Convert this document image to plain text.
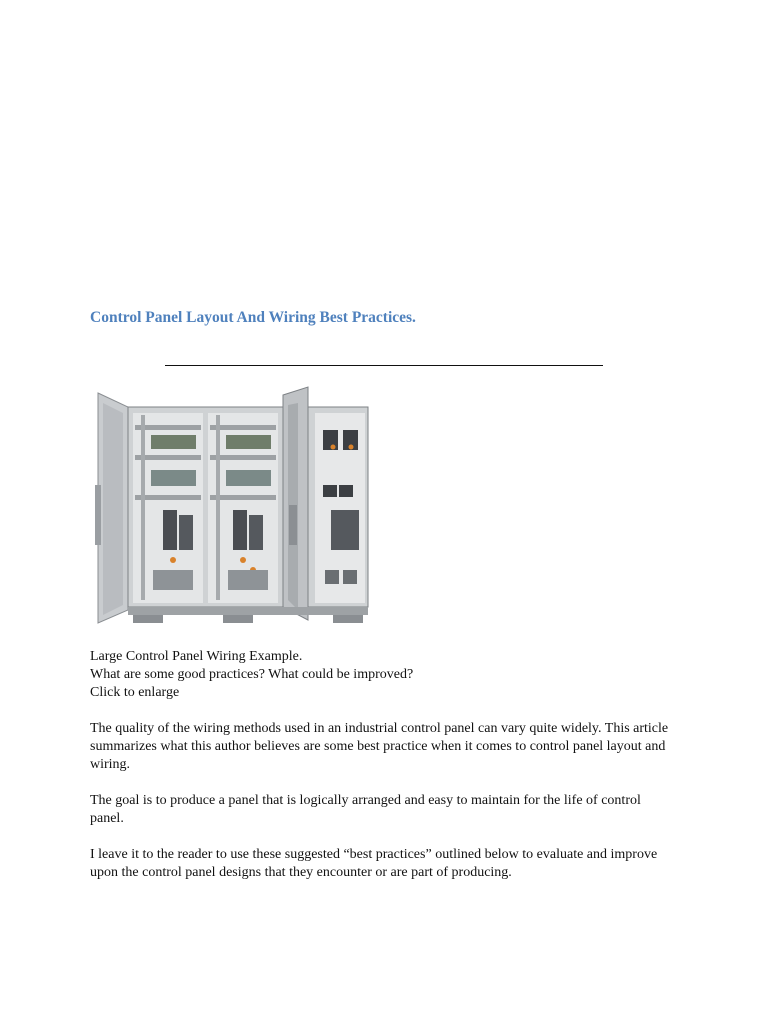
Control Panel Layout And Wiring Best Practices.

Large Control Panel Wiring Example.

What are some good practices? What could be improved?

Click to enlarge

The quality of the wiring methods used in an industrial control panel can vary quite widely. This article summarizes what this author believes are some best practice when it comes to control panel layout and wiring.

The goal is to produce a panel that is logically arranged and easy to maintain for the life of control panel.

I leave it to the reader to use these suggested “best practices” outlined below to evaluate and improve upon the control panel designs that they encounter or are part of producing.
